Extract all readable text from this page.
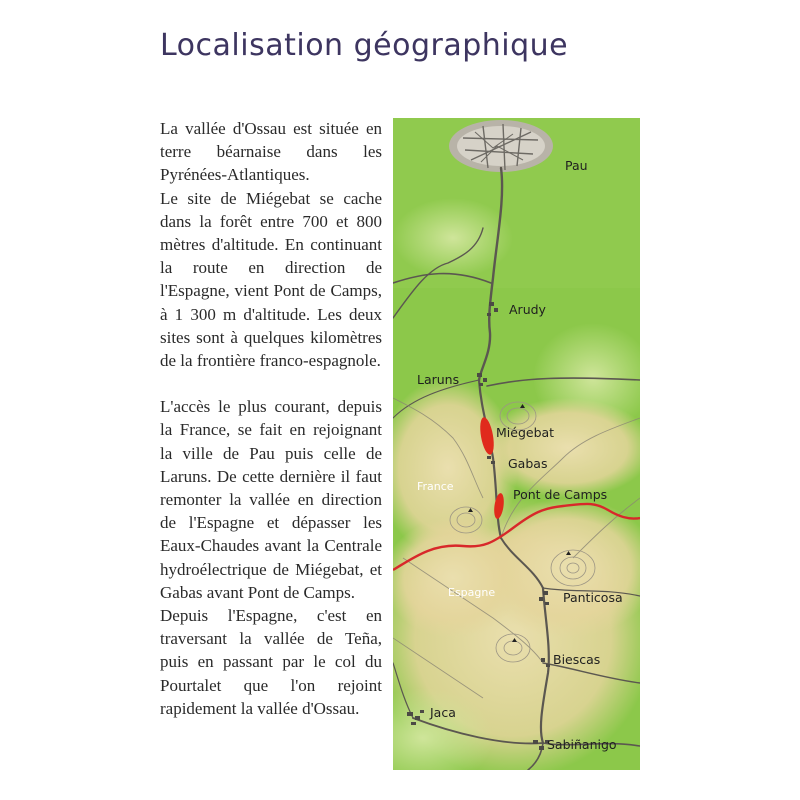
Localisation géographique

La vallée d'Ossau est située en terre béarnaise dans les Pyrénées-Atlantiques.

Le site de Miégebat se cache dans la forêt entre 700 et 800 mètres d'altitude. En continuant la route en direction de l'Espagne, vient Pont de Camps, à 1 300 m d'altitude. Les deux sites sont à quelques kilomètres de la frontière franco-espagnole.

L'accès le plus courant, depuis la France, se fait en rejoignant la ville de Pau puis celle de Laruns. De cette dernière il faut remonter la vallée en direction de l'Espagne et dépasser les Eaux-Chaudes avant la Centrale hydroélectrique de Miégebat, et Gabas avant Pont de Camps.

Depuis l'Espagne, c'est en traversant la vallée de Teña, puis en passant par le col du Pourtalet que l'on rejoint rapidement la vallée d'Ossau.

Pau
Arudy
Laruns
Miégebat
Gabas
Pont de Camps
Panticosa
Biescas
Jaca
Sabiñanigo
France
Espagne
